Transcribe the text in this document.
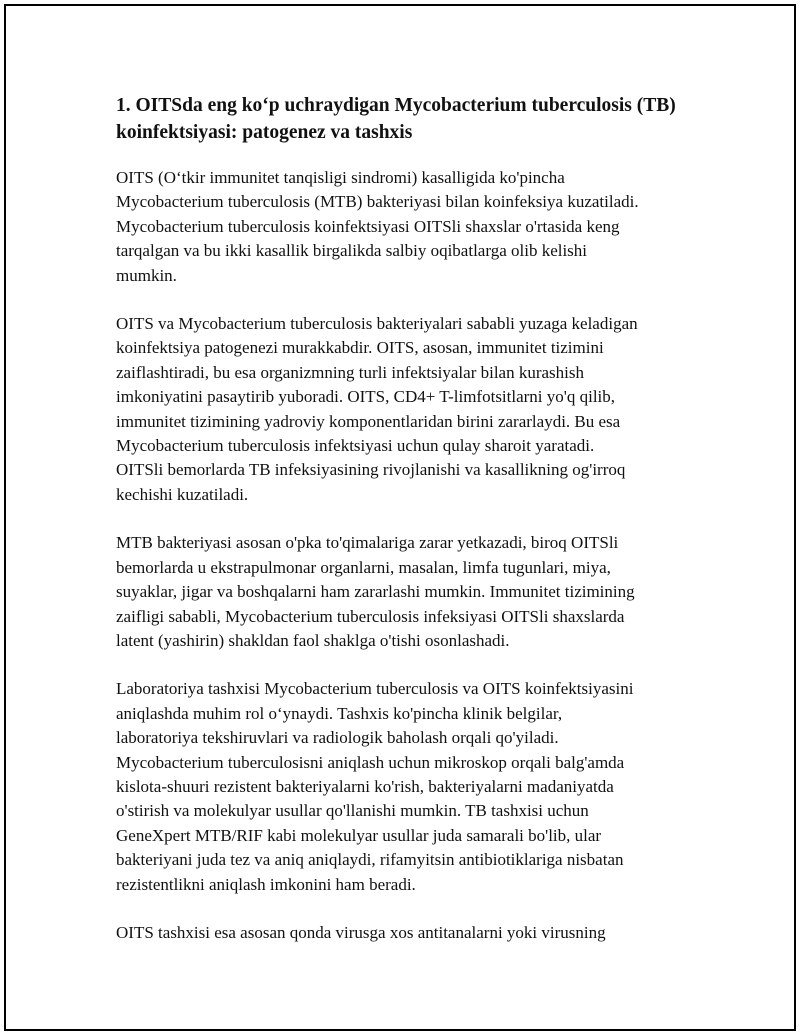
1. OITSda eng ko‘p uchraydigan Mycobacterium tuberculosis (TB) koinfektsiyasi: patogenez va tashxis

OITS (O‘tkir immunitet tanqisligi sindromi) kasalligida ko'pincha
Mycobacterium tuberculosis (MTB) bakteriyasi bilan koinfeksiya kuzatiladi.
Mycobacterium tuberculosis koinfektsiyasi OITSli shaxslar o'rtasida keng
tarqalgan va bu ikki kasallik birgalikda salbiy oqibatlarga olib kelishi
mumkin.

OITS va Mycobacterium tuberculosis bakteriyalari sababli yuzaga keladigan
koinfektsiya patogenezi murakkabdir. OITS, asosan, immunitet tizimini
zaiflashtiradi, bu esa organizmning turli infektsiyalar bilan kurashish
imkoniyatini pasaytirib yuboradi. OITS, CD4+ T-limfotsitlarni yo'q qilib,
immunitet tizimining yadroviy komponentlaridan birini zararlaydi. Bu esa
Mycobacterium tuberculosis infektsiyasi uchun qulay sharoit yaratadi.
OITSli bemorlarda TB infeksiyasining rivojlanishi va kasallikning og'irroq
kechishi kuzatiladi.

MTB bakteriyasi asosan o'pka to'qimalariga zarar yetkazadi, biroq OITSli
bemorlarda u ekstrapulmonar organlarni, masalan, limfa tugunlari, miya,
suyaklar, jigar va boshqalarni ham zararlashi mumkin. Immunitet tizimining
zaifligi sababli, Mycobacterium tuberculosis infeksiyasi OITSli shaxslarda
latent (yashirin) shakldan faol shaklga o'tishi osonlashadi.

Laboratoriya tashxisi Mycobacterium tuberculosis va OITS koinfektsiyasini
aniqlashda muhim rol o‘ynaydi. Tashxis ko'pincha klinik belgilar,
laboratoriya tekshiruvlari va radiologik baholash orqali qo'yiladi.
Mycobacterium tuberculosisni aniqlash uchun mikroskop orqali balg'amda
kislota-shuuri rezistent bakteriyalarni ko'rish, bakteriyalarni madaniyatda
o'stirish va molekulyar usullar qo'llanishi mumkin. TB tashxisi uchun
GeneXpert MTB/RIF kabi molekulyar usullar juda samarali bo'lib, ular
bakteriyani juda tez va aniq aniqlaydi, rifamyitsin antibiotiklariga nisbatan
rezistentlikni aniqlash imkonini ham beradi.

OITS tashxisi esa asosan qonda virusga xos antitanalarni yoki virusning
